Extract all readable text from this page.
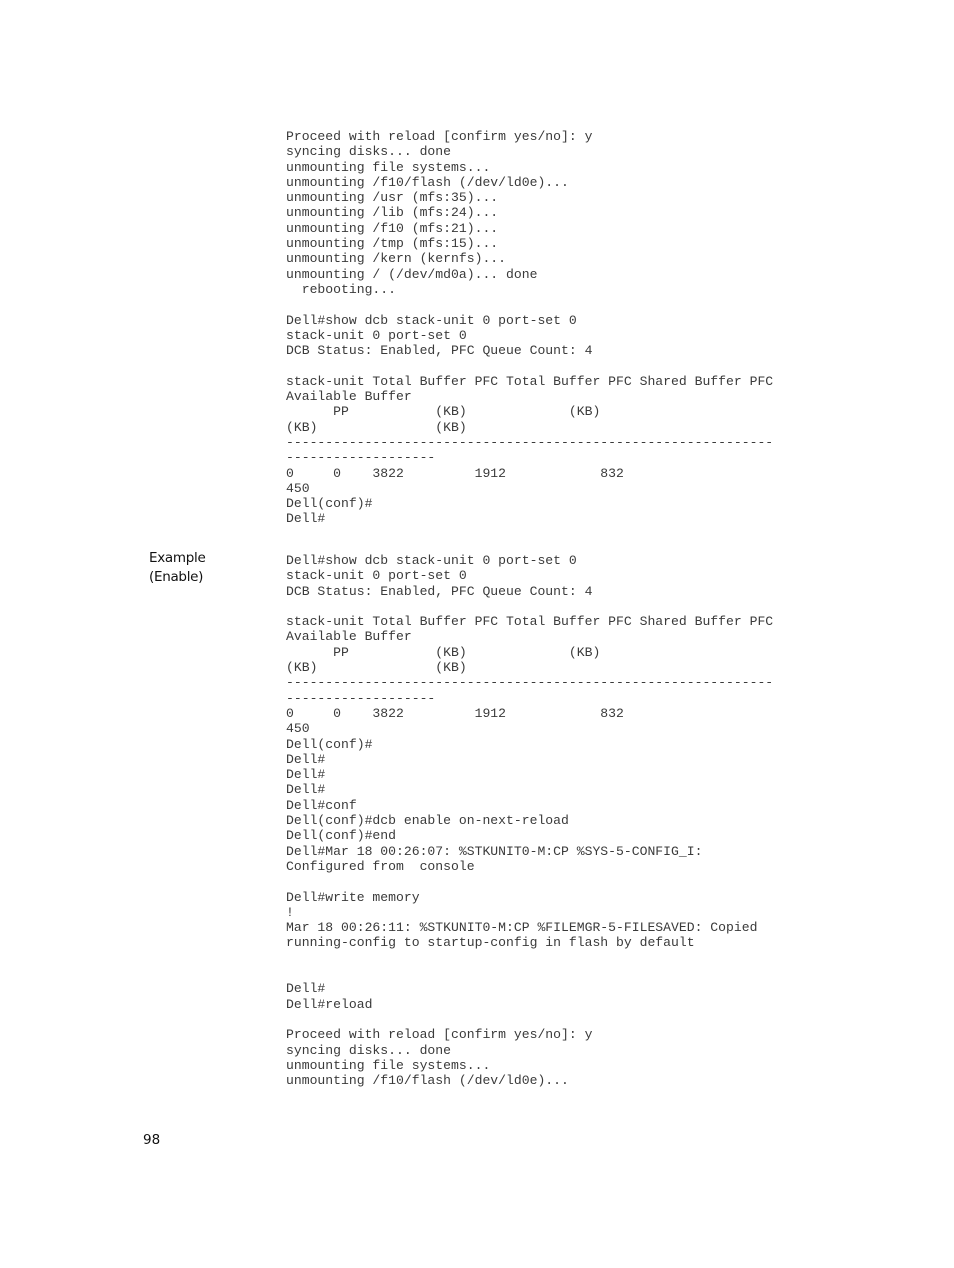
Proceed with reload [confirm yes/no]: y
syncing disks... done
unmounting file systems...
unmounting /f10/flash (/dev/ld0e)...
unmounting /usr (mfs:35)...
unmounting /lib (mfs:24)...
unmounting /f10 (mfs:21)...
unmounting /tmp (mfs:15)...
unmounting /kern (kernfs)...
unmounting / (/dev/md0a)... done
rebooting...

Dell#show dcb stack-unit 0 port-set 0
stack-unit 0 port-set 0
DCB Status: Enabled, PFC Queue Count: 4

stack-unit Total Buffer PFC Total Buffer PFC Shared Buffer PFC
Available Buffer
PP           (KB)             (KB)
(KB)               (KB)
--------------------------------------------------------------
-------------------
0     0    3822         1912            832
450
Dell(conf)#
Dell#
Example
(Enable)
Dell#show dcb stack-unit 0 port-set 0
stack-unit 0 port-set 0
DCB Status: Enabled, PFC Queue Count: 4

stack-unit Total Buffer PFC Total Buffer PFC Shared Buffer PFC
Available Buffer
PP           (KB)             (KB)
(KB)               (KB)
--------------------------------------------------------------
-------------------
0     0    3822         1912            832
450
Dell(conf)#
Dell#
Dell#
Dell#
Dell#conf
Dell(conf)#dcb enable on-next-reload
Dell(conf)#end
Dell#Mar 18 00:26:07: %STKUNIT0-M:CP %SYS-5-CONFIG_I:
Configured from  console

Dell#write memory
!
Mar 18 00:26:11: %STKUNIT0-M:CP %FILEMGR-5-FILESAVED: Copied
running-config to startup-config in flash by default

Dell#
Dell#reload

Proceed with reload [confirm yes/no]: y
syncing disks... done
unmounting file systems...
unmounting /f10/flash (/dev/ld0e)...
98
